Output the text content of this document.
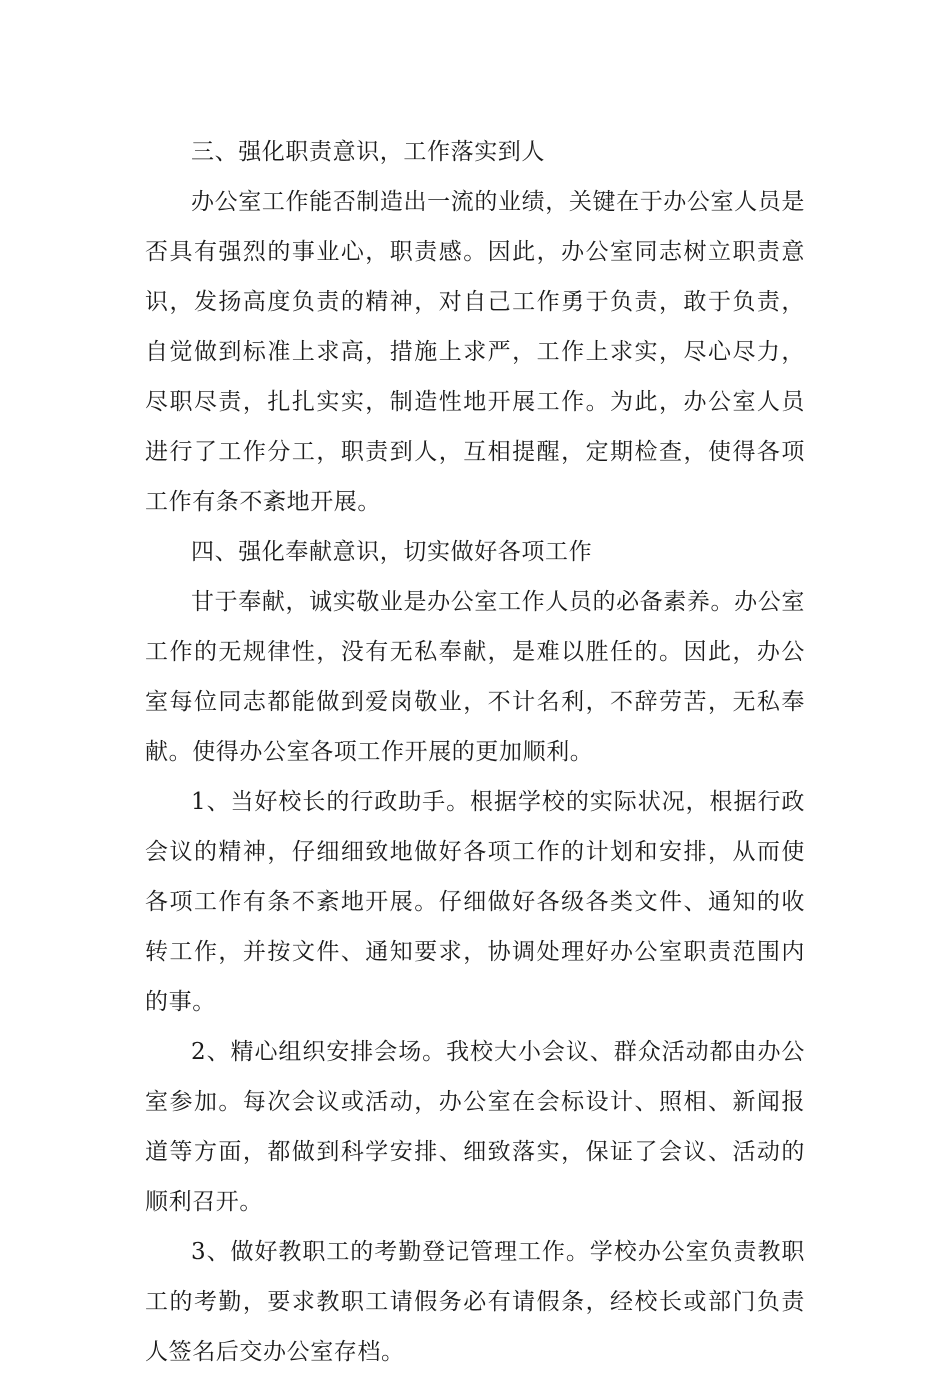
三、强化职责意识，工作落实到人

办公室工作能否制造出一流的业绩，关键在于办公室人员是否具有强烈的事业心，职责感。因此，办公室同志树立职责意识，发扬高度负责的精神，对自己工作勇于负责，敢于负责，自觉做到标准上求高，措施上求严，工作上求实，尽心尽力，尽职尽责，扎扎实实，制造性地开展工作。为此，办公室人员进行了工作分工，职责到人，互相提醒，定期检查，使得各项工作有条不紊地开展。

四、强化奉献意识，切实做好各项工作

甘于奉献，诚实敬业是办公室工作人员的必备素养。办公室工作的无规律性，没有无私奉献，是难以胜任的。因此，办公室每位同志都能做到爱岗敬业，不计名利，不辞劳苦，无私奉献。使得办公室各项工作开展的更加顺利。

1、当好校长的行政助手。根据学校的实际状况，根据行政会议的精神，仔细细致地做好各项工作的计划和安排，从而使各项工作有条不紊地开展。仔细做好各级各类文件、通知的收转工作，并按文件、通知要求，协调处理好办公室职责范围内的事。

2、精心组织安排会场。我校大小会议、群众活动都由办公室参加。每次会议或活动，办公室在会标设计、照相、新闻报道等方面，都做到科学安排、细致落实，保证了会议、活动的顺利召开。

3、做好教职工的考勤登记管理工作。学校办公室负责教职工的考勤，要求教职工请假务必有请假条，经校长或部门负责人签名后交办公室存档。
